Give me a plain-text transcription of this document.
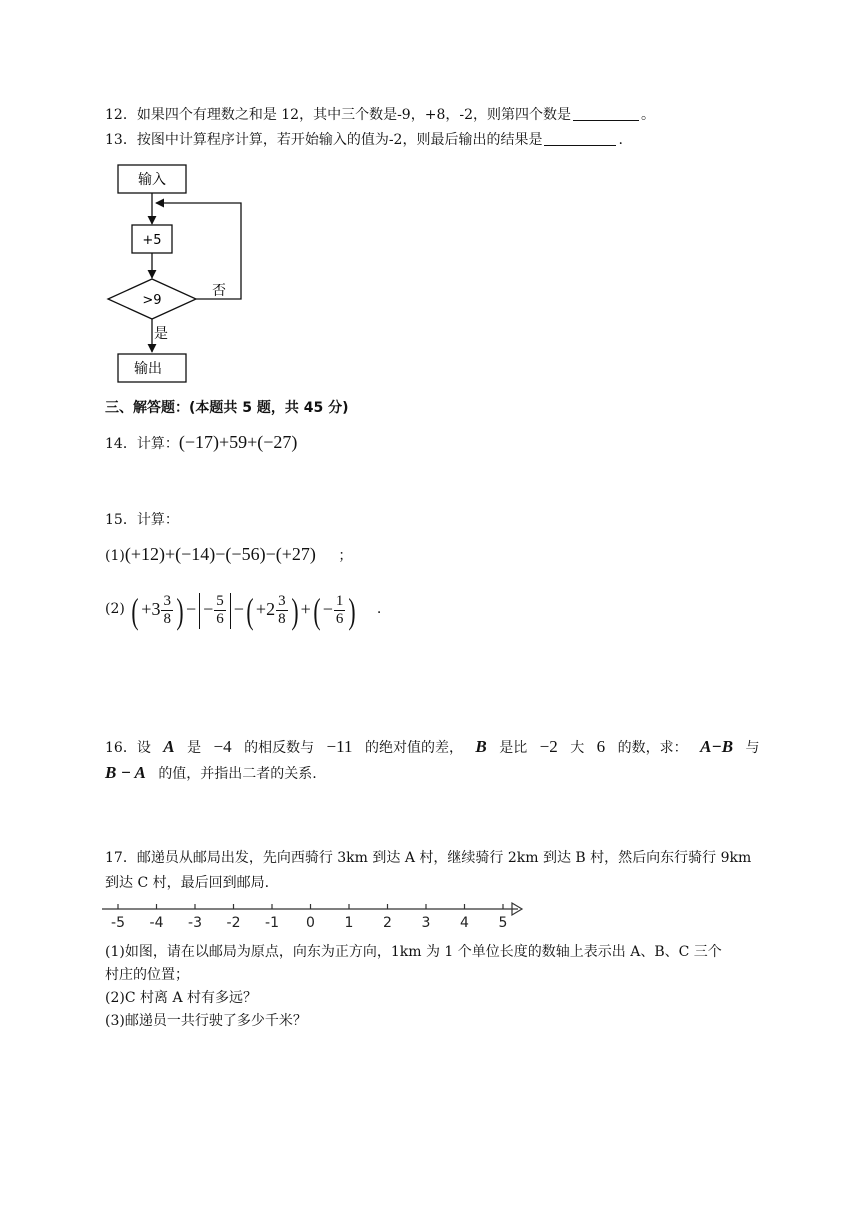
12．如果四个有理数之和是 12，其中三个数是-9，+8，-2，则第四个数是	。
13．按图中计算程序计算，若开始输入的值为-2，则最后输出的结果是	.
输入
+5
>9
否
是
输出
三、解答题：(本题共 5 题，共 45 分)
14．计算：(−17)+59+(−27)
15．计算：
(1)(+12)+(−14)−(−56)−(+27) ；
(2) ( $+3 \frac{3}{8}$ ) − − $\frac{5}{6}$ −( $+2 \frac{3}{8}$ ) +( − $\frac{1}{6}$ ) .
16．设 A 是 −4 的相反数与 −11 的绝对值的差， B 是比 −2 大 6 的数，求： A−B 与
B − A 的值，并指出二者的关系.
17．邮递员从邮局出发，先向西骑行 3km 到达 A 村，继续骑行 2km 到达 B 村，然后向东行骑行 9km
到达 C 村，最后回到邮局.
-5 -4 -3 -2 -1 0 1 2 3 4 5
(1)如图，请在以邮局为原点，向东为正方向，1km 为 1 个单位长度的数轴上表示出 A、B、C 三个
村庄的位置；
(2)C 村离 A 村有多远？
(3)邮递员一共行驶了多少千米？
